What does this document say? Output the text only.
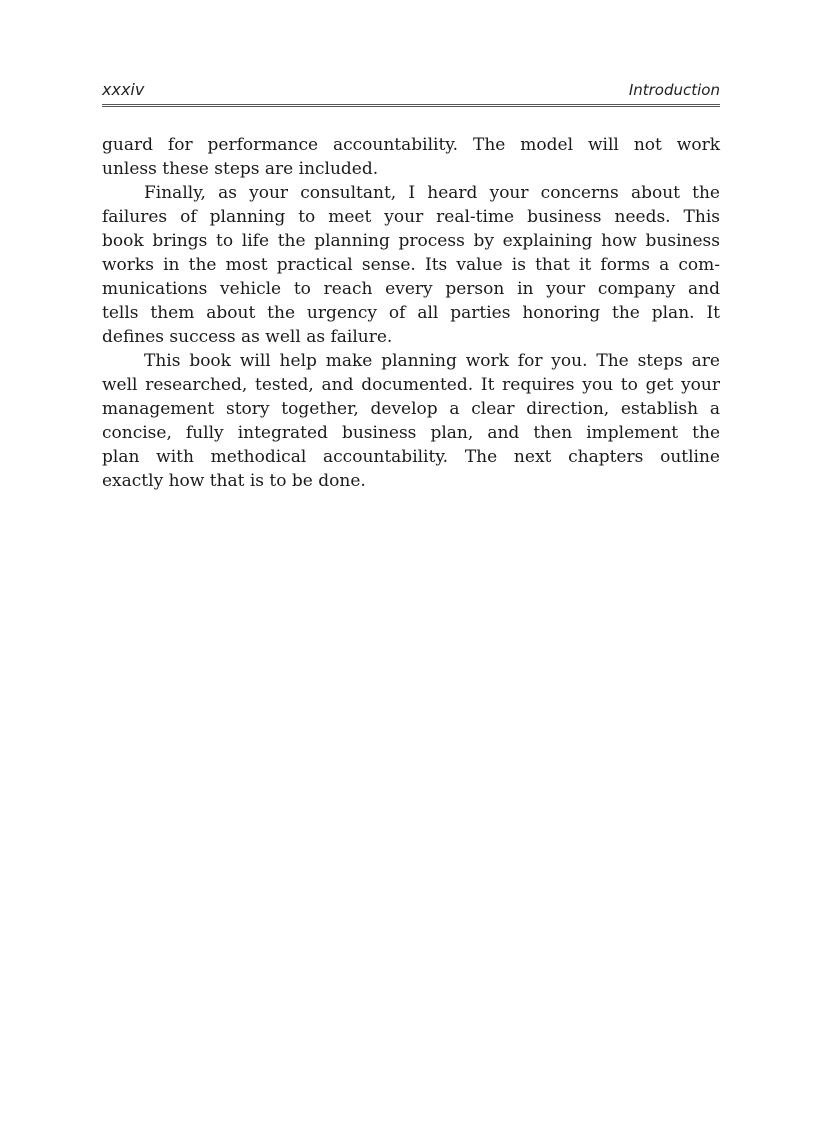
xxxiv	Introduction

guard for performance accountability. The model will not work
unless these steps are included.

Finally, as your consultant, I heard your concerns about the
failures of planning to meet your real-time business needs. This
book brings to life the planning process by explaining how business
works in the most practical sense. Its value is that it forms a com-
munications vehicle to reach every person in your company and
tells them about the urgency of all parties honoring the plan. It
defines success as well as failure.

This book will help make planning work for you. The steps are
well researched, tested, and documented. It requires you to get your
management story together, develop a clear direction, establish a
concise, fully integrated business plan, and then implement the
plan with methodical accountability. The next chapters outline
exactly how that is to be done.
